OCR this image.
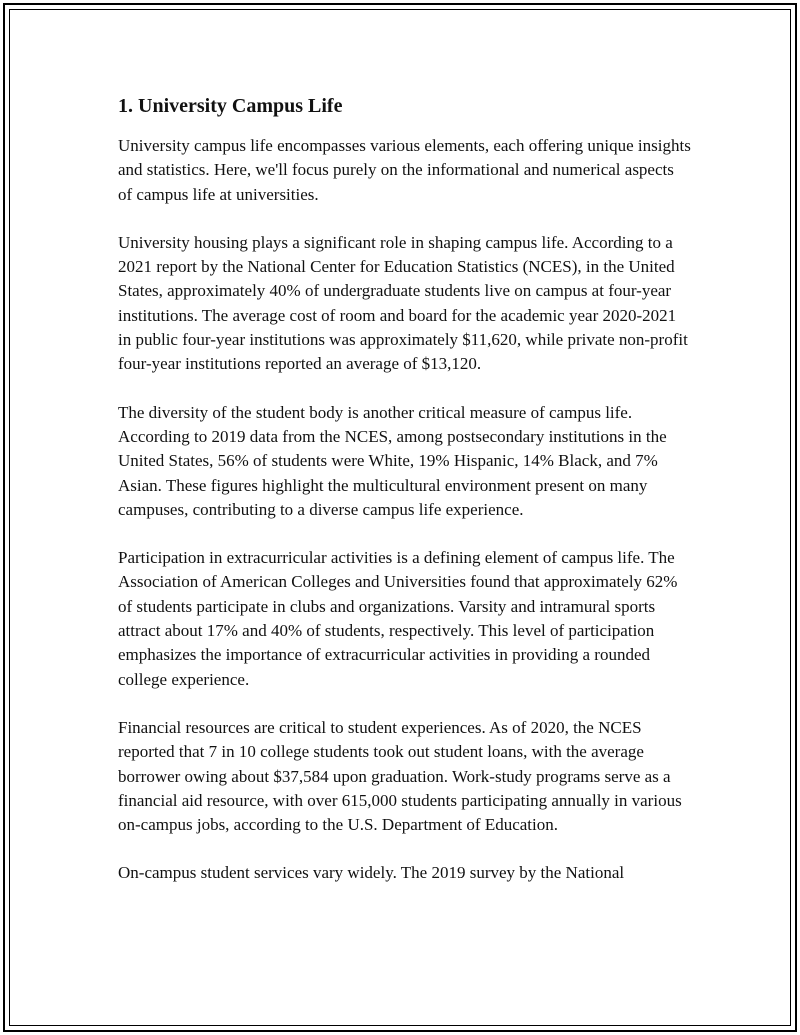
1. University Campus Life

University campus life encompasses various elements, each offering unique insights and statistics. Here, we'll focus purely on the informational and numerical aspects of campus life at universities.

University housing plays a significant role in shaping campus life. According to a 2021 report by the National Center for Education Statistics (NCES), in the United States, approximately 40% of undergraduate students live on campus at four-year institutions. The average cost of room and board for the academic year 2020-2021 in public four-year institutions was approximately $11,620, while private non-profit four-year institutions reported an average of $13,120.

The diversity of the student body is another critical measure of campus life. According to 2019 data from the NCES, among postsecondary institutions in the United States, 56% of students were White, 19% Hispanic, 14% Black, and 7% Asian. These figures highlight the multicultural environment present on many campuses, contributing to a diverse campus life experience.

Participation in extracurricular activities is a defining element of campus life. The Association of American Colleges and Universities found that approximately 62% of students participate in clubs and organizations. Varsity and intramural sports attract about 17% and 40% of students, respectively. This level of participation emphasizes the importance of extracurricular activities in providing a rounded college experience.

Financial resources are critical to student experiences. As of 2020, the NCES reported that 7 in 10 college students took out student loans, with the average borrower owing about $37,584 upon graduation. Work-study programs serve as a financial aid resource, with over 615,000 students participating annually in various on-campus jobs, according to the U.S. Department of Education.

On-campus student services vary widely. The 2019 survey by the National
